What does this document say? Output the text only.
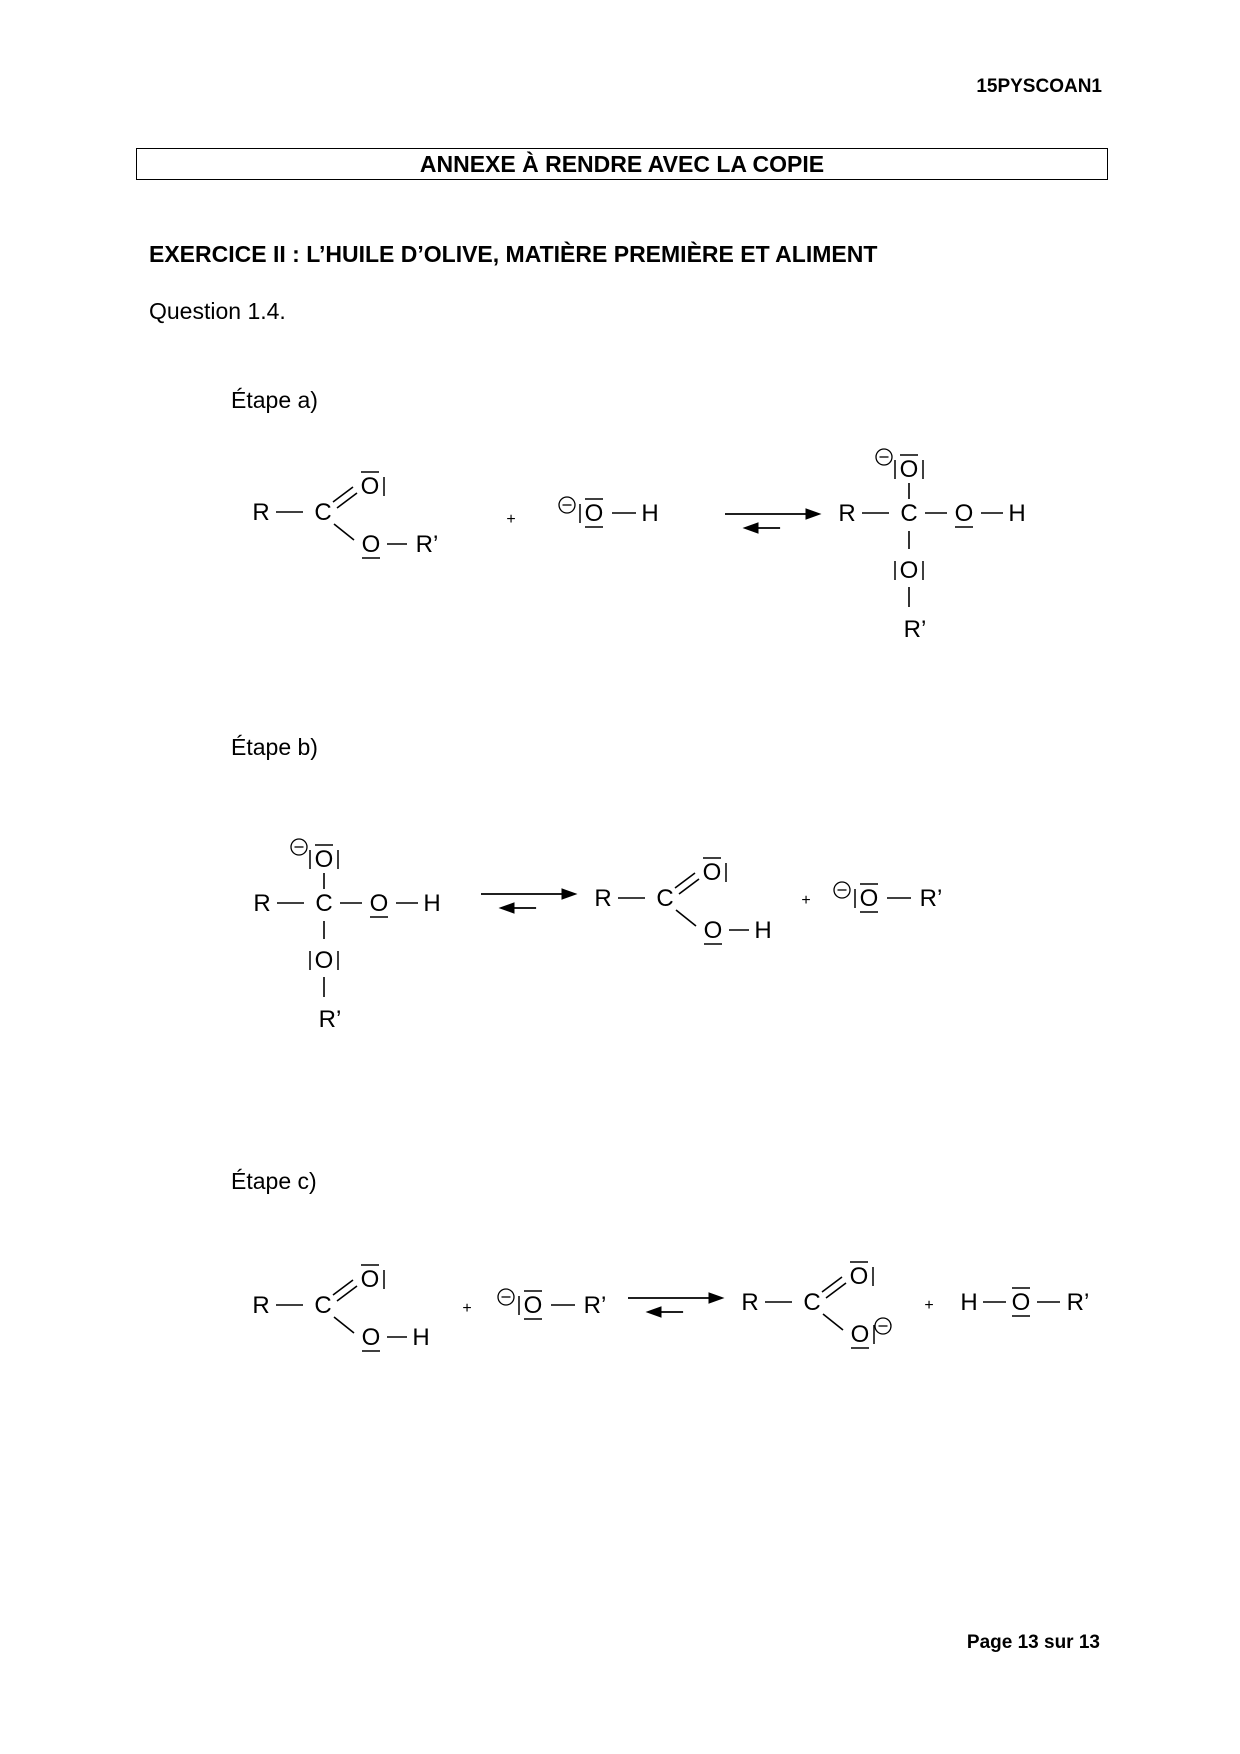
15PYSCOAN1
ANNEXE À RENDRE AVEC LA COPIE
EXERCICE II : L’HUILE D’OLIVE, MATIÈRE PREMIÈRE ET ALIMENT
Question 1.4.
Étape a)
Étape b)
Étape c)
R C
O
O R’
+	O H	R C
O
O H
O
R’
R C
O
O H
O
R’
R C
O
O H
+ O R’
R C
O
O H
+ O R’	R C
O
O
+ H O R’
Page 13 sur 13
